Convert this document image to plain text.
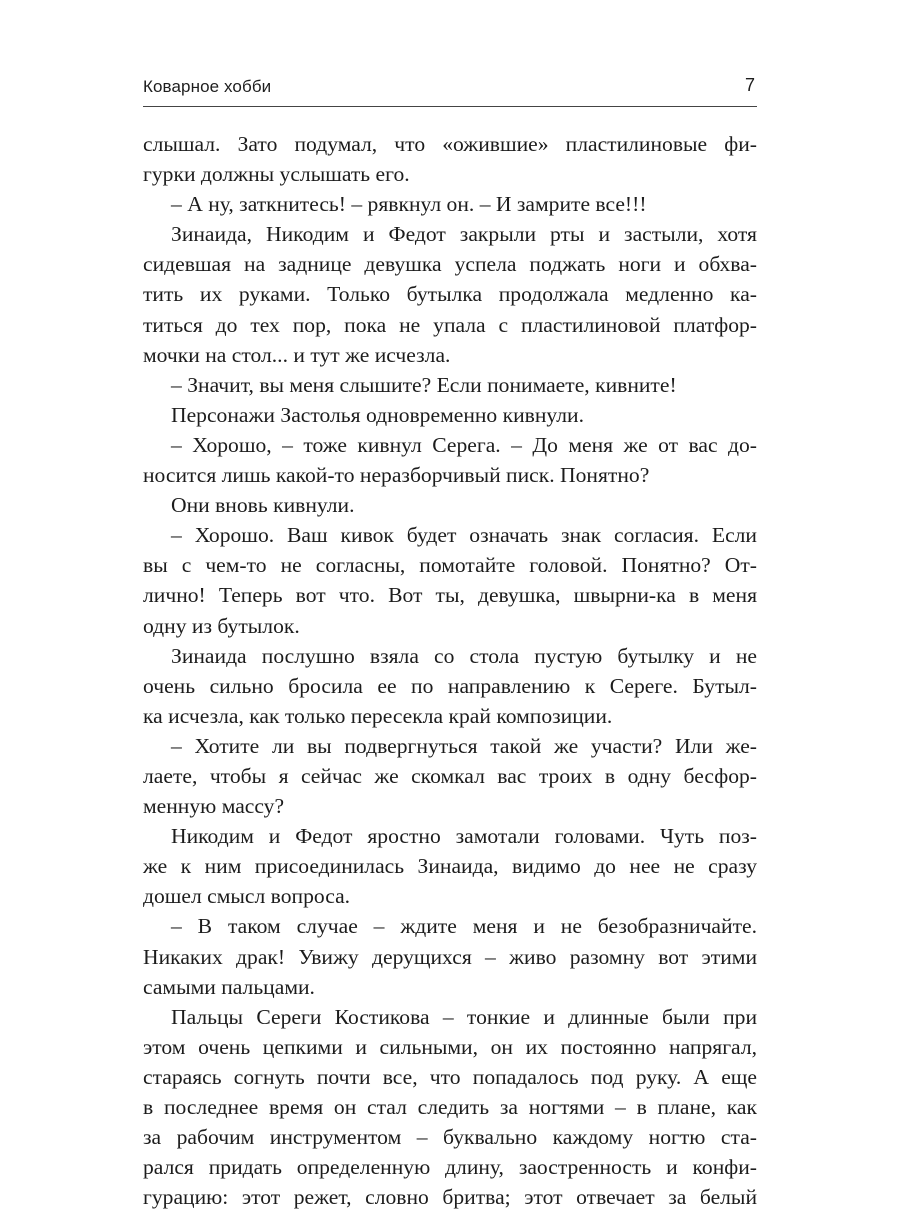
Коварное хобби	7
слышал. Зато подумал, что «ожившие» пластилиновые фи-
гурки должны услышать его.
– А ну, заткнитесь! – рявкнул он. – И замрите все!!!
Зинаида, Никодим и Федот закрыли рты и застыли, хотя
сидевшая на заднице девушка успела поджать ноги и обхва-
тить их руками. Только бутылка продолжала медленно ка-
титься до тех пор, пока не упала с пластилиновой платфор-
мочки на стол... и тут же исчезла.
– Значит, вы меня слышите? Если понимаете, кивните!
Персонажи Застолья одновременно кивнули.
– Хорошо, – тоже кивнул Серега. – До меня же от вас до-
носится лишь какой-то неразборчивый писк. Понятно?
Они вновь кивнули.
– Хорошо. Ваш кивок будет означать знак согласия. Если
вы с чем-то не согласны, помотайте головой. Понятно? От-
лично! Теперь вот что. Вот ты, девушка, швырни-ка в меня
одну из бутылок.
Зинаида послушно взяла со стола пустую бутылку и не
очень сильно бросила ее по направлению к Сереге. Бутыл-
ка исчезла, как только пересекла край композиции.
– Хотите ли вы подвергнуться такой же участи? Или же-
лаете, чтобы я сейчас же скомкал вас троих в одну бесфор-
менную массу?
Никодим и Федот яростно замотали головами. Чуть поз-
же к ним присоединилась Зинаида, видимо до нее не сразу
дошел смысл вопроса.
– В таком случае – ждите меня и не безобразничайте.
Никаких драк! Увижу дерущихся – живо разомну вот этими
самыми пальцами.
Пальцы Сереги Костикова – тонкие и длинные были при
этом очень цепкими и сильными, он их постоянно напрягал,
стараясь согнуть почти все, что попадалось под руку. А еще
в последнее время он стал следить за ногтями – в плане, как
за рабочим инструментом – буквально каждому ногтю ста-
рался придать определенную длину, заостренность и конфи-
гурацию: этот режет, словно бритва; этот отвечает за белый
